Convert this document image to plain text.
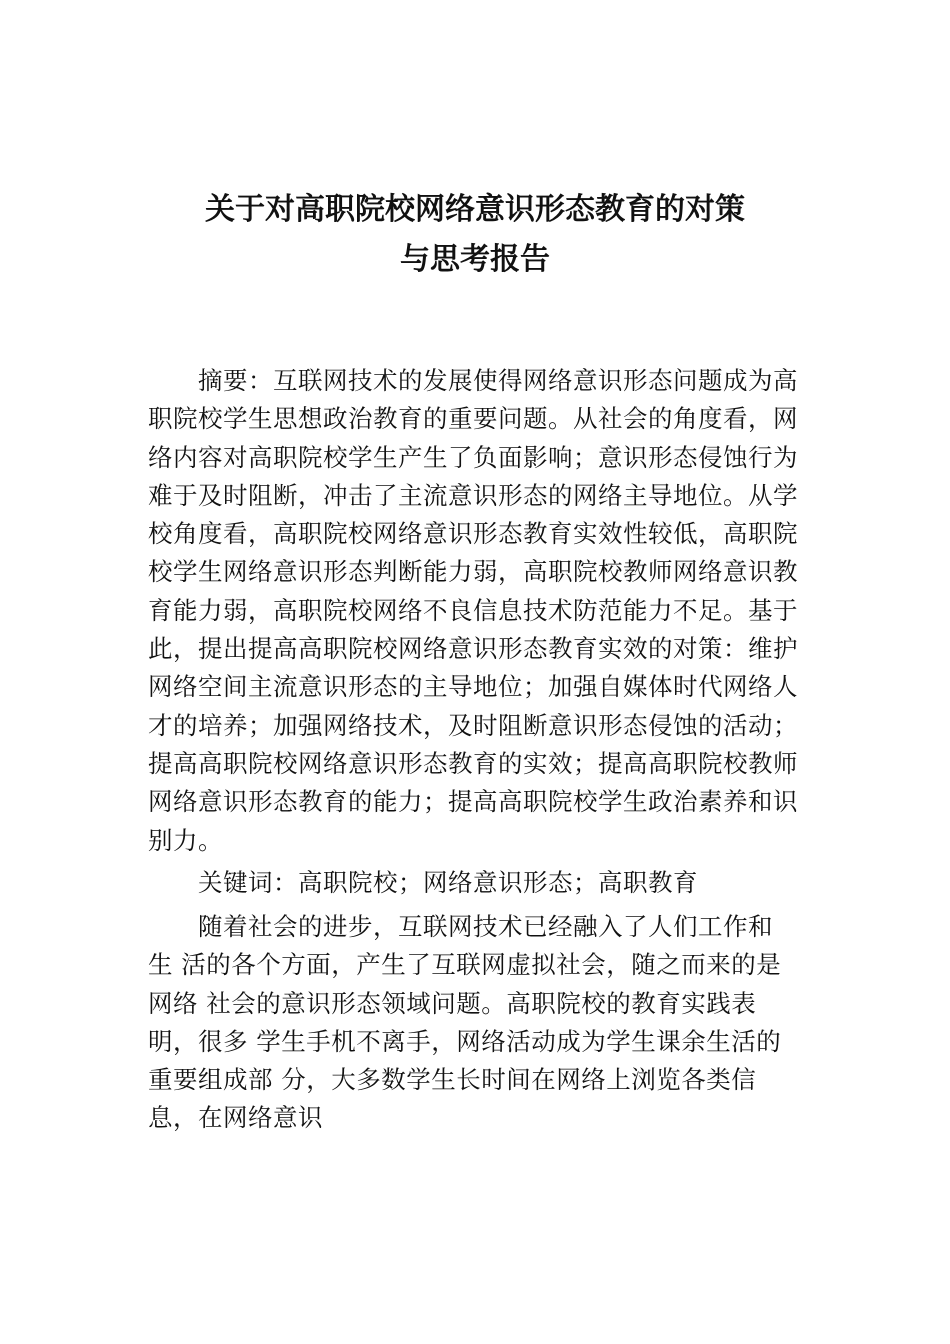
关于对高职院校网络意识形态教育的对策
与思考报告
摘要：互联网技术的发展使得网络意识形态问题成为高
职院校学生思想政治教育的重要问题。从社会的角度看，网
络内容对高职院校学生产生了负面影响；意识形态侵蚀行为
难于及时阻断，冲击了主流意识形态的网络主导地位。从学
校角度看，高职院校网络意识形态教育实效性较低，高职院
校学生网络意识形态判断能力弱，高职院校教师网络意识教
育能力弱，高职院校网络不良信息技术防范能力不足。基于
此，提出提高高职院校网络意识形态教育实效的对策：维护
网络空间主流意识形态的主导地位；加强自媒体时代网络人
才的培养；加强网络技术，及时阻断意识形态侵蚀的活动；
提高高职院校网络意识形态教育的实效；提高高职院校教师
网络意识形态教育的能力；提高高职院校学生政治素养和识
别力。
关键词：高职院校；网络意识形态；高职教育
随着社会的进步，互联网技术已经融入了人们工作和
生 活的各个方面，产生了互联网虚拟社会，随之而来的是
网络 社会的意识形态领域问题。高职院校的教育实践表
明，很多 学生手机不离手，网络活动成为学生课余生活的
重要组成部 分，大多数学生长时间在网络上浏览各类信
息，在网络意识
